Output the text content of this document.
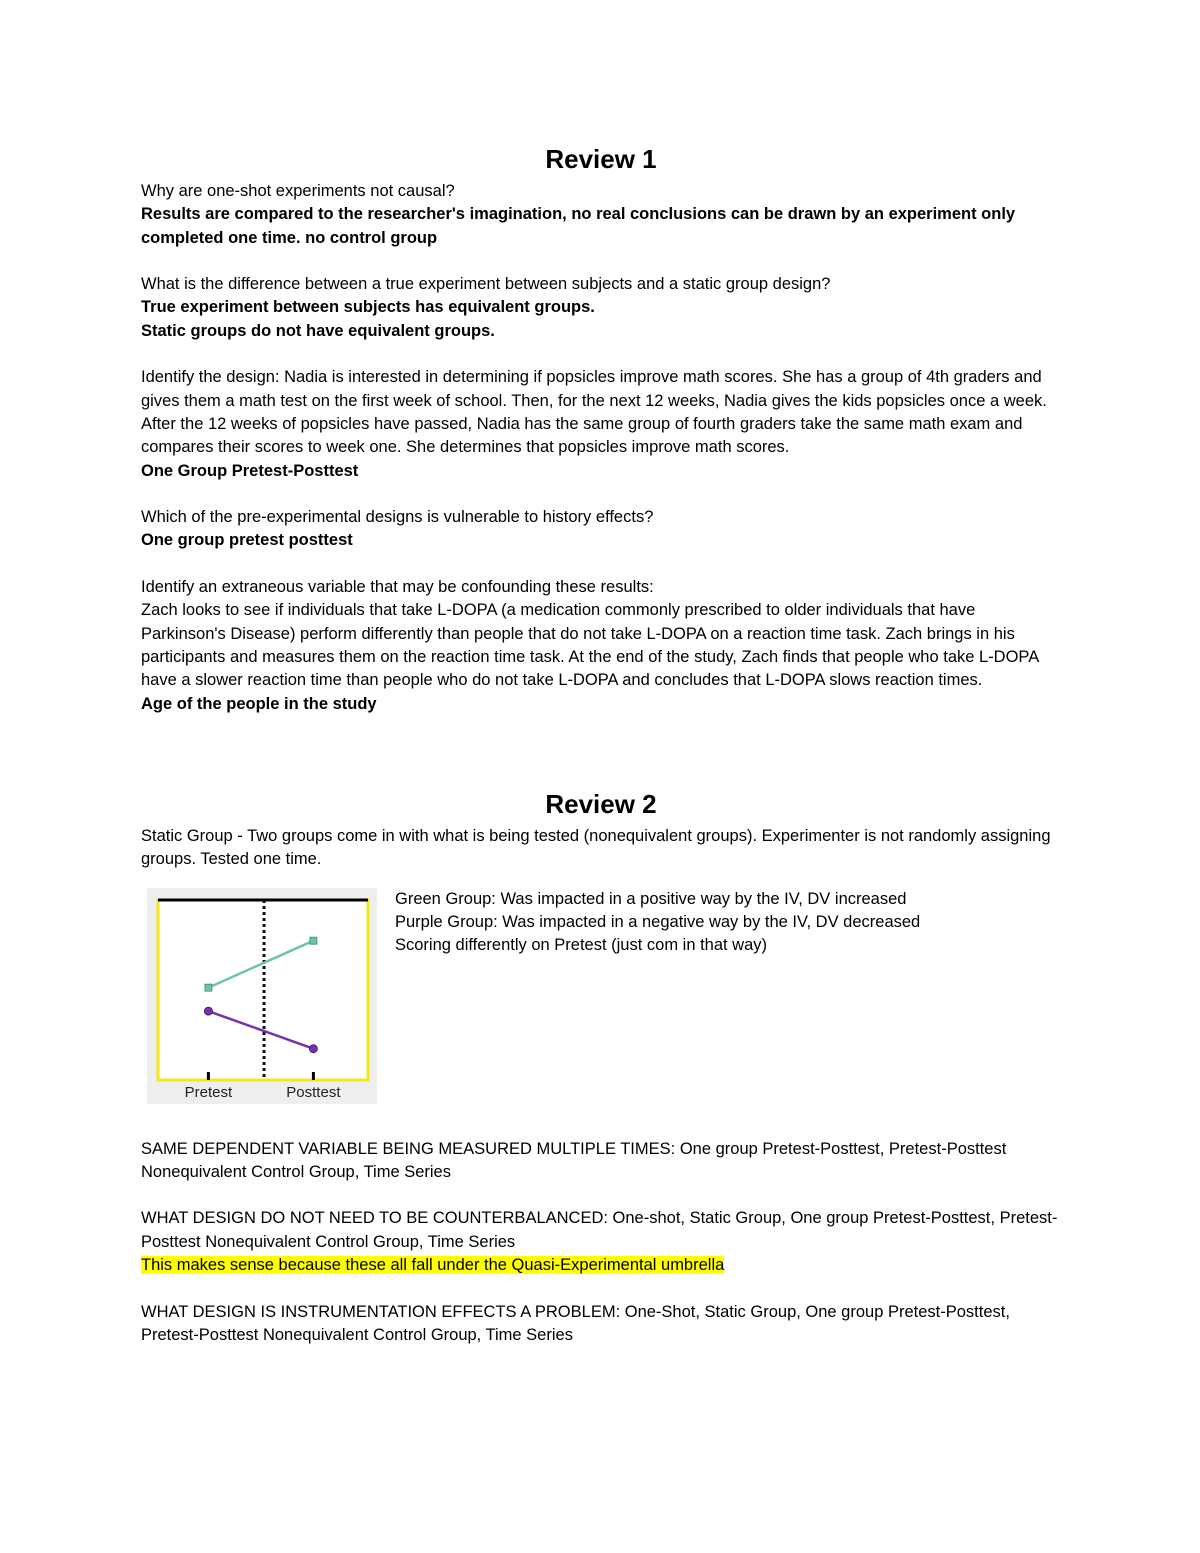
Review 1

Why are one-shot experiments not causal?

Results are compared to the researcher's imagination, no real conclusions can be drawn by an experiment only completed one time. no control group

What is the difference between a true experiment between subjects and a static group design?

True experiment between subjects has equivalent groups.

Static groups do not have equivalent groups.

Identify the design: Nadia is interested in determining if popsicles improve math scores. She has a group of 4th graders and gives them a math test on the first week of school. Then, for the next 12 weeks, Nadia gives the kids popsicles once a week. After the 12 weeks of popsicles have passed, Nadia has the same group of fourth graders take the same math exam and compares their scores to week one. She determines that popsicles improve math scores.

One Group Pretest-Posttest

Which of the pre-experimental designs is vulnerable to history effects?

One group pretest posttest

Identify an extraneous variable that may be confounding these results:

Zach looks to see if individuals that take L-DOPA (a medication commonly prescribed to older individuals that have Parkinson's Disease) perform differently than people that do not take L-DOPA on a reaction time task. Zach brings in his participants and measures them on the reaction time task. At the end of the study, Zach finds that people who take L-DOPA have a slower reaction time than people who do not take L-DOPA and concludes that L-DOPA slows reaction times.

Age of the people in the study

Review 2

Static Group - Two groups come in with what is being tested (nonequivalent groups). Experimenter is not randomly assigning groups. Tested one time.

Pretest	Posttest

Green Group: Was impacted in a positive way by the IV, DV increased

Purple Group: Was impacted in a negative way by the IV, DV decreased

Scoring differently on Pretest (just com in that way)

SAME DEPENDENT VARIABLE BEING MEASURED MULTIPLE TIMES: One group Pretest-Posttest, Pretest-Posttest Nonequivalent Control Group, Time Series

WHAT DESIGN DO NOT NEED TO BE COUNTERBALANCED: One-shot, Static Group, One group Pretest-Posttest, Pretest-Posttest Nonequivalent Control Group, Time Series

This makes sense because these all fall under the Quasi-Experimental umbrella

WHAT DESIGN IS INSTRUMENTATION EFFECTS A PROBLEM: One-Shot, Static Group, One group Pretest-Posttest, Pretest-Posttest Nonequivalent Control Group, Time Series
